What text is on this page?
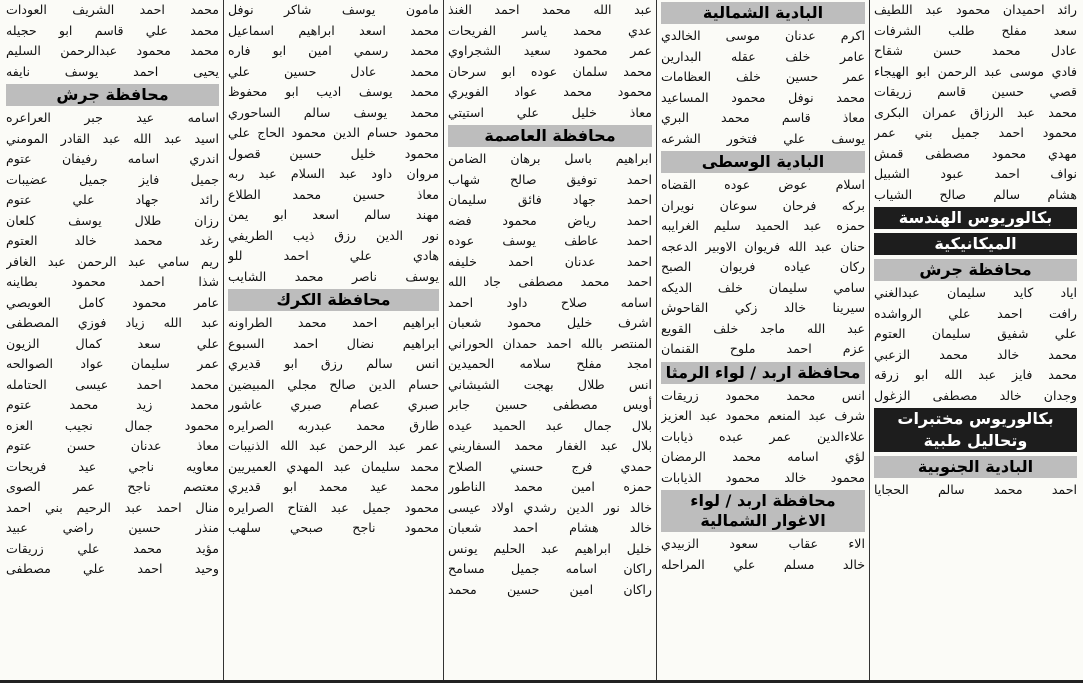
رائد احميدان محمود عبد اللطيف
سعد مفلح طلب الشرفات
عادل محمد حسن شقاح
فادي موسى عبد الرحمن ابو الهيجاء
قصي حسين قاسم زريقات
محمد عبد الرزاق عمران البكرى
محمود احمد جميل بني عمر
مهدي محمود مصطفى قمش
نواف احمد عبود الشبيل
هشام سالم صالح الشياب
بكالوريوس الهندسة
الميكانيكية
محافظة جرش
اياد كايد سليمان عبدالغني
رافت احمد علي الرواشده
علي شفيق سليمان العتوم
محمد خالد محمد الزعبي
محمد فايز عبد الله ابو زرقه
وجدان خالد مصطفى الزغول
بكالوريوس مختبرات وتحاليل طبية
البادية الجنوبية
احمد محمد سالم الحجايا
البادية الشمالية
اكرم عدنان موسى الخالدي
عامر خلف عقله البدارين
عمر حسين خلف العظامات
محمد نوفل محمود المساعيد
معاذ قاسم محمد البري
يوسف علي فتخور الشرعه
البادية الوسطى
اسلام عوض عوده القضاه
بركه فرحان سوعان نويران
حمزه عبد الحميد سليم الغرايبه
حنان عبد الله فريوان الاوبير الدعجه
ركان عياده فريوان الصبح
سامي سليمان خلف الديكه
سيرينا خالد زكي القاحوش
عبد الله ماجد خلف القويع
عزم احمد ملوح القنمان
محافظة اربد / لواء الرمثا
انس محمد محمود زريقات
شرف عبد المنعم محمود عبد العزيز
علاءالدين عمر عبده ذيابات
لؤي اسامه محمد الرمضان
محمود خالد محمود الذيابات
محافظة اربد / لواء الاغوار الشمالية
الاء عقاب سعود الزبيدي
خالد مسلم علي المراحله
عبد الله محمد احمد الغنذ
عدي محمد ياسر الفريحات
عمر محمود سعيد الشجراوي
محمد سلمان عوده ابو سرحان
محمود محمد عواد الفويري
معاذ خليل علي استيتي
محافظة العاصمة
ابراهيم باسل برهان الضامن
احمد توفيق صالح شهاب
احمد جهاد فائق سليمان
احمد رياض محمود فضه
احمد عاطف يوسف عوده
احمد عدنان احمد خليفه
احمد محمد مصطفى جاد الله
اسامه صلاح داود احمد
اشرف خليل محمود شعبان
المنتصر بالله احمد حمدان الحوراني
امجد مفلح سلامه الحميدين
انس طلال بهجت الشيشاني
أويس مصطفى حسين جابر
بلال جمال عبد الحميد عيده
بلال عبد الغفار محمد السفاريني
حمدي فرج حسني الصلاح
حمزه امين محمد الناطور
خالد نور الدين رشدي اولاد عيسى
خالد هشام احمد شعبان
خليل ابراهيم عبد الحليم يونس
راكان اسامه جميل مسامح
راكان امين حسين محمد
مامون يوسف شاكر نوفل
محمد اسعد ابراهيم اسماعيل
محمد رسمي امين ابو فاره
محمد عادل حسين علي
محمد يوسف اديب ابو محفوظ
محمد يوسف سالم الساحوري
محمود حسام الدين محمود الحاج علي
محمود خليل حسين قصول
مروان داود عبد السلام عبد ربه
معاذ حسين محمد الطلاع
مهند سالم اسعد ابو يمن
نور الدين رزق ذيب الطريفي
هادي علي احمد للو
يوسف ناصر محمد الشايب
محافظة الكرك
ابراهيم احمد محمد الطراونه
ابراهيم نضال احمد السبوع
انس سالم رزق ابو قديري
حسام الدين صالح مجلي المبيضين
صبري عصام صبري عاشور
طارق محمد عبدربه الصرايره
عمر عبد الرحمن عبد الله الذنيبات
محمد سليمان عبد المهدي العميريين
محمد عيد محمد ابو قديري
محمود جميل عبد الفتاح الصرايره
محمود ناجح صبحي سلهب
محمد احمد الشريف العودات
محمد علي قاسم ابو حجيله
محمد محمود عبدالرحمن السليم
يحيى احمد يوسف نايفه
محافظة جرش
اسامه عيد جبر العراعره
اسيد عبد الله عبد القادر المومني
اندري اسامه رفيفان عتوم
جميل فايز جميل عضيبات
رائد جهاد علي عتوم
رزان طلال يوسف كلعان
رغد محمد خالد العتوم
ريم سامي عبد الرحمن عبد الغافر
شذا احمد محمود بطاينه
عامر محمود كامل العويصي
عبد الله زياد فوزي المصطفى
علي سعد كمال الزيون
عمر سليمان عواد الصوالحه
محمد احمد عيسى الحتامله
محمد زيد محمد عتوم
محمود جمال نجيب العزه
معاذ عدنان حسن عتوم
معاويه ناجي عيد فريحات
معتصم ناجح عمر الصوى
منال احمد عبد الرحيم بني احمد
منذر حسين راضي عبيد
مؤيد محمد علي زريقات
وحيد احمد علي مصطفى
